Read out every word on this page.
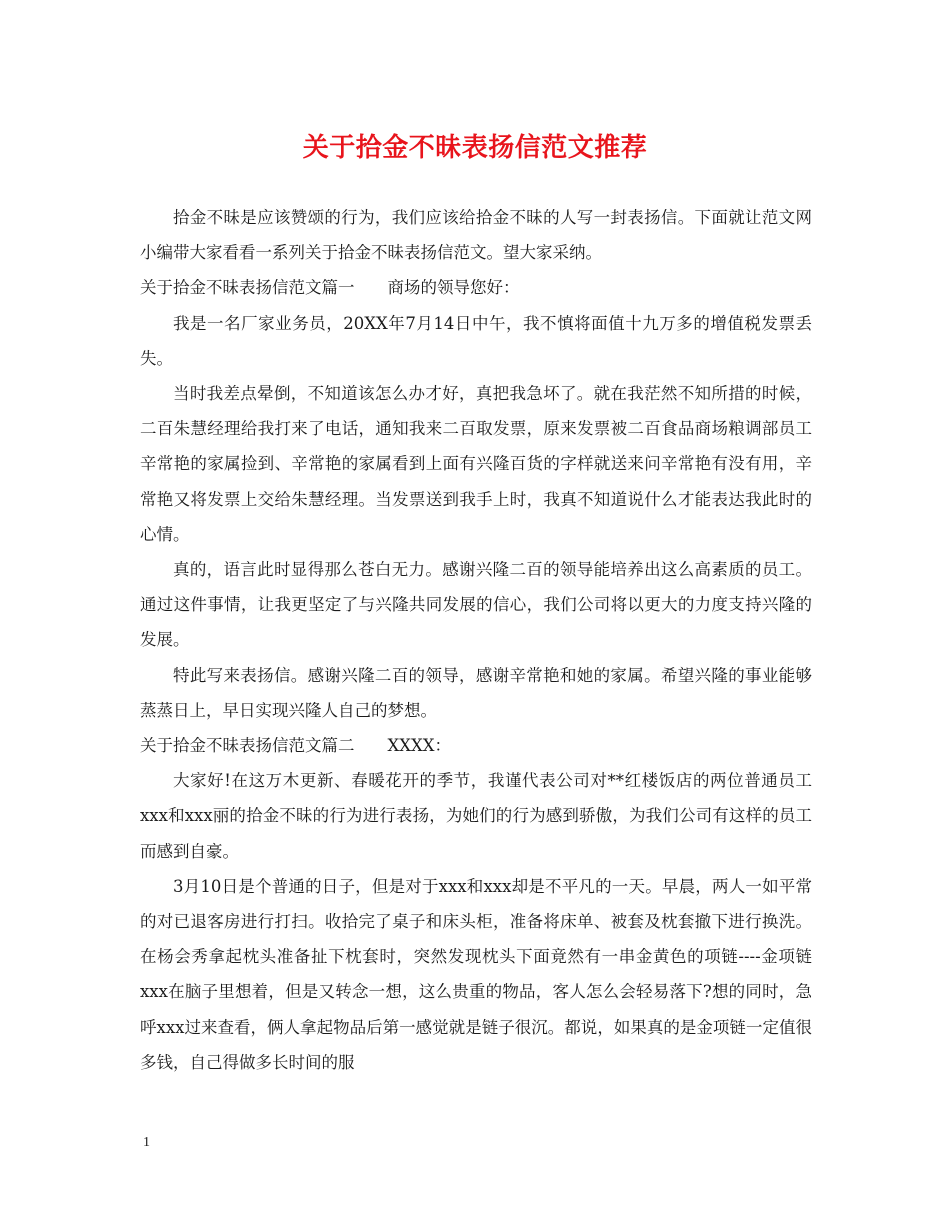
关于拾金不昧表扬信范文推荐

拾金不昧是应该赞颂的行为，我们应该给拾金不昧的人写一封表扬信。下面就让范文网小编带大家看看一系列关于拾金不昧表扬信范文。望大家采纳。

关于拾金不昧表扬信范文篇一　　商场的领导您好：

我是一名厂家业务员，20XX年7月14日中午，我不慎将面值十九万多的增值税发票丢失。

当时我差点晕倒，不知道该怎么办才好，真把我急坏了。就在我茫然不知所措的时候，二百朱慧经理给我打来了电话，通知我来二百取发票，原来发票被二百食品商场粮调部员工辛常艳的家属捡到、辛常艳的家属看到上面有兴隆百货的字样就送来问辛常艳有没有用，辛常艳又将发票上交给朱慧经理。当发票送到我手上时，我真不知道说什么才能表达我此时的心情。

真的，语言此时显得那么苍白无力。感谢兴隆二百的领导能培养出这么高素质的员工。通过这件事情，让我更坚定了与兴隆共同发展的信心，我们公司将以更大的力度支持兴隆的发展。

特此写来表扬信。感谢兴隆二百的领导，感谢辛常艳和她的家属。希望兴隆的事业能够蒸蒸日上，早日实现兴隆人自己的梦想。

关于拾金不昧表扬信范文篇二　　XXXX：

大家好!在这万木更新、春暖花开的季节，我谨代表公司对**红楼饭店的两位普通员工xxx和xxx丽的拾金不昧的行为进行表扬，为她们的行为感到骄傲，为我们公司有这样的员工而感到自豪。

3月10日是个普通的日子，但是对于xxx和xxx却是不平凡的一天。早晨，两人一如平常的对已退客房进行打扫。收拾完了桌子和床头柜，准备将床单、被套及枕套撤下进行换洗。在杨会秀拿起枕头准备扯下枕套时，突然发现枕头下面竟然有一串金黄色的项链----金项链xxx在脑子里想着，但是又转念一想，这么贵重的物品，客人怎么会轻易落下?想的同时，急呼xxx过来查看，俩人拿起物品后第一感觉就是链子很沉。都说，如果真的是金项链一定值很多钱，自己得做多长时间的服

1
